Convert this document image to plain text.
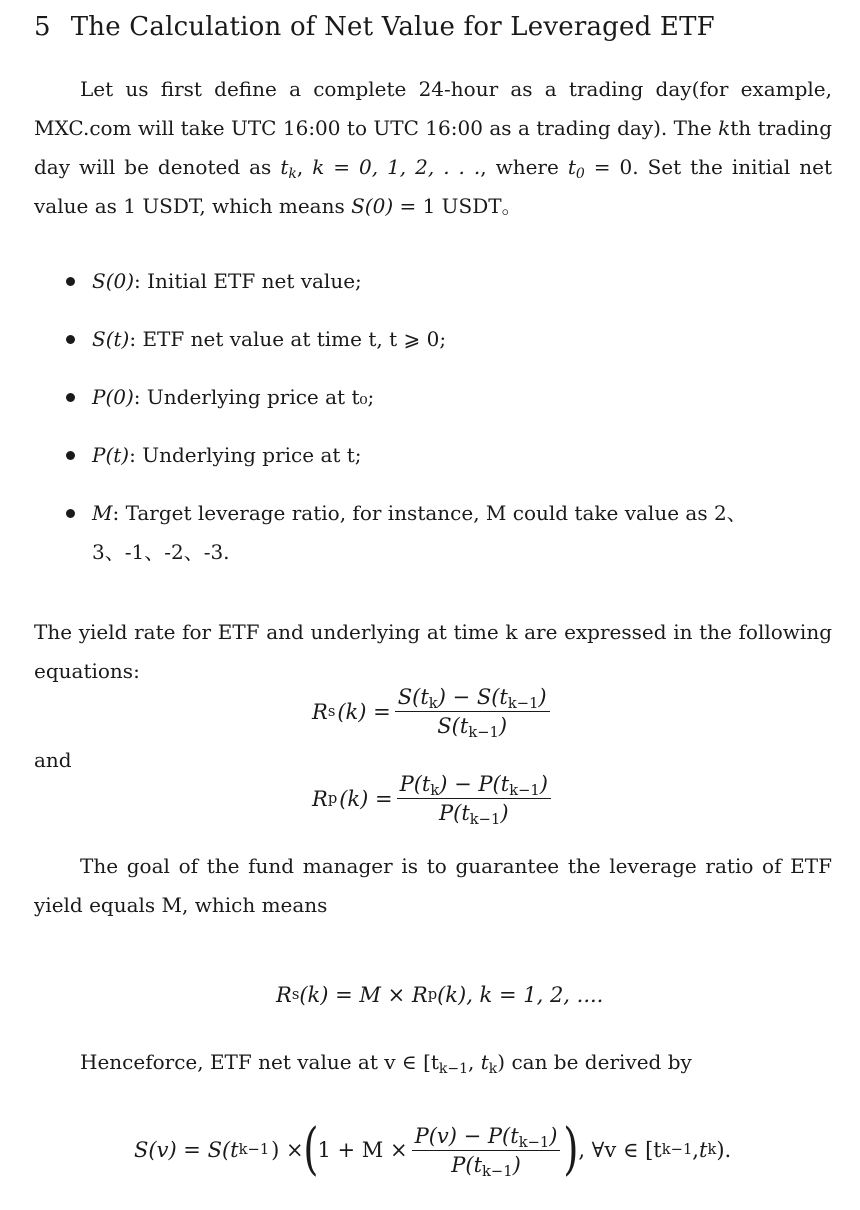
5 The Calculation of Net Value for Leveraged ETF

Let us first define a complete 24-hour as a trading day(for example, MXC.com will take UTC 16:00 to UTC 16:00 as a trading day). The kth trading day will be denoted as $t_k$, k = 0, 1, 2, . . ., where $t_0 = 0$. Set the initial net value as 1 USDT, which means S(0) = 1 USDT。

S(0): Initial ETF net value;
S(t): ETF net value at time t, t ⩾ 0;
P(0): Underlying price at t₀;
P(t): Underlying price at t;
M: Target leverage ratio, for instance, M could take value as 2、3、-1、-2、-3.

The yield rate for ETF and underlying at time k are expressed in the following equations:

R s $(k) = \frac{S(t_k) - S(t_{k-1})}{S(t_{k-1})}$
and
R p $(k) = \frac{P(t_k) - P(t_{k-1})}{P(t_{k-1})}$

The goal of the fund manager is to guarantee the leverage ratio of ETF yield equals M, which means

R s (k) = M × R p (k), k = 1, 2, ....

Henceforce, ETF net value at v ∈ [$t_{k-1}$, $t_k$) can be derived by

S(v) = S(t k−1 ) × ( $1 + M \times \frac{P(v) - P(t_{k-1})}{P(t_{k-1})}$ ) , ∀v ∈ [t k−1 , t k ).
